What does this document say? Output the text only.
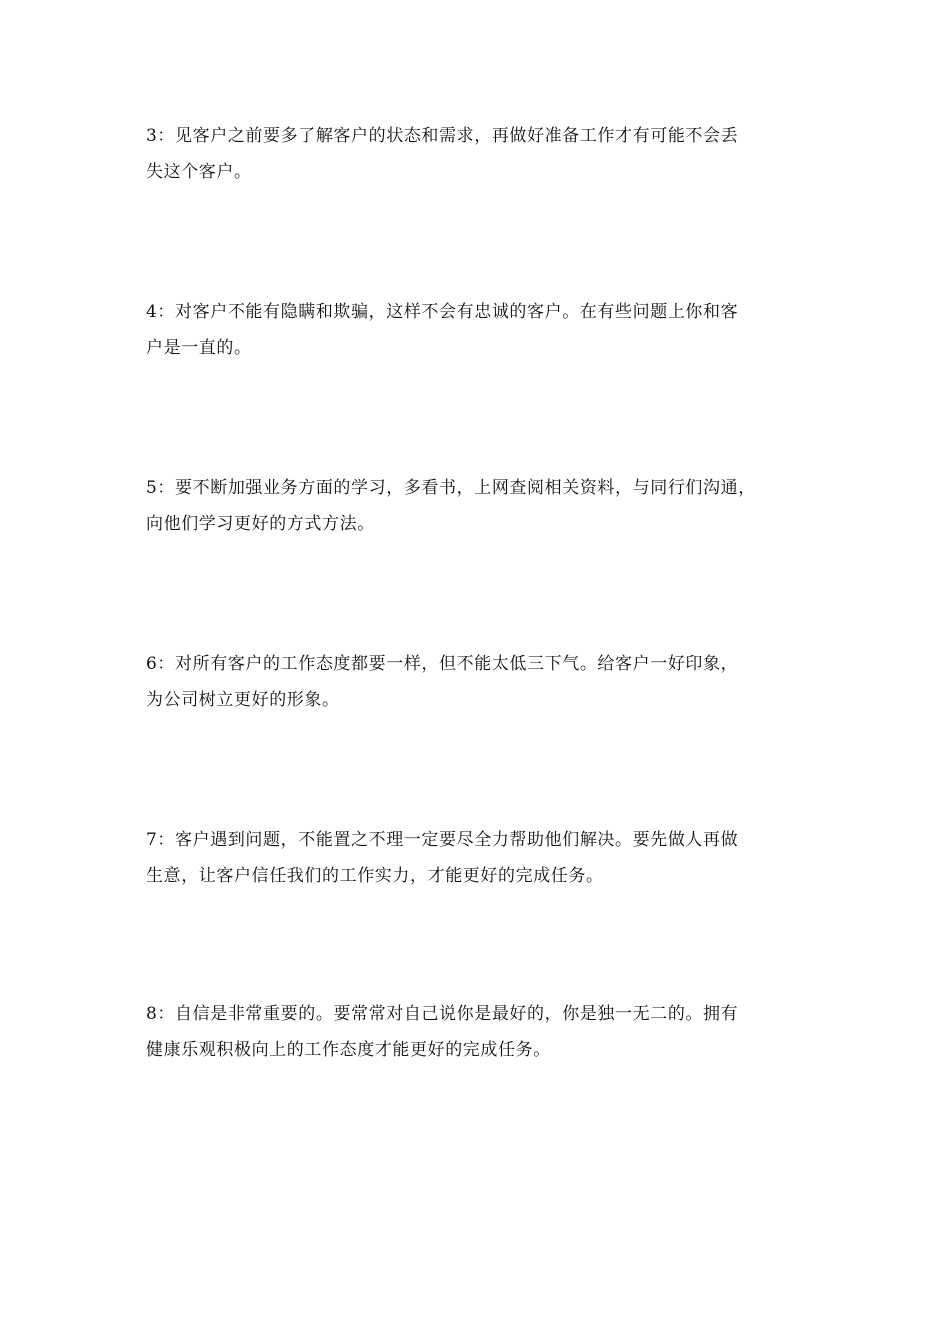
3：见客户之前要多了解客户的状态和需求，再做好准备工作才有可能不会丢
失这个客户。

4：对客户不能有隐瞒和欺骗，这样不会有忠诚的客户。在有些问题上你和客
户是一直的。

5：要不断加强业务方面的学习，多看书，上网查阅相关资料，与同行们沟通，
向他们学习更好的方式方法。

6：对所有客户的工作态度都要一样，但不能太低三下气。给客户一好印象，
为公司树立更好的形象。

7：客户遇到问题，不能置之不理一定要尽全力帮助他们解决。要先做人再做
生意，让客户信任我们的工作实力，才能更好的完成任务。

8：自信是非常重要的。要常常对自己说你是最好的，你是独一无二的。拥有
健康乐观积极向上的工作态度才能更好的完成任务。
